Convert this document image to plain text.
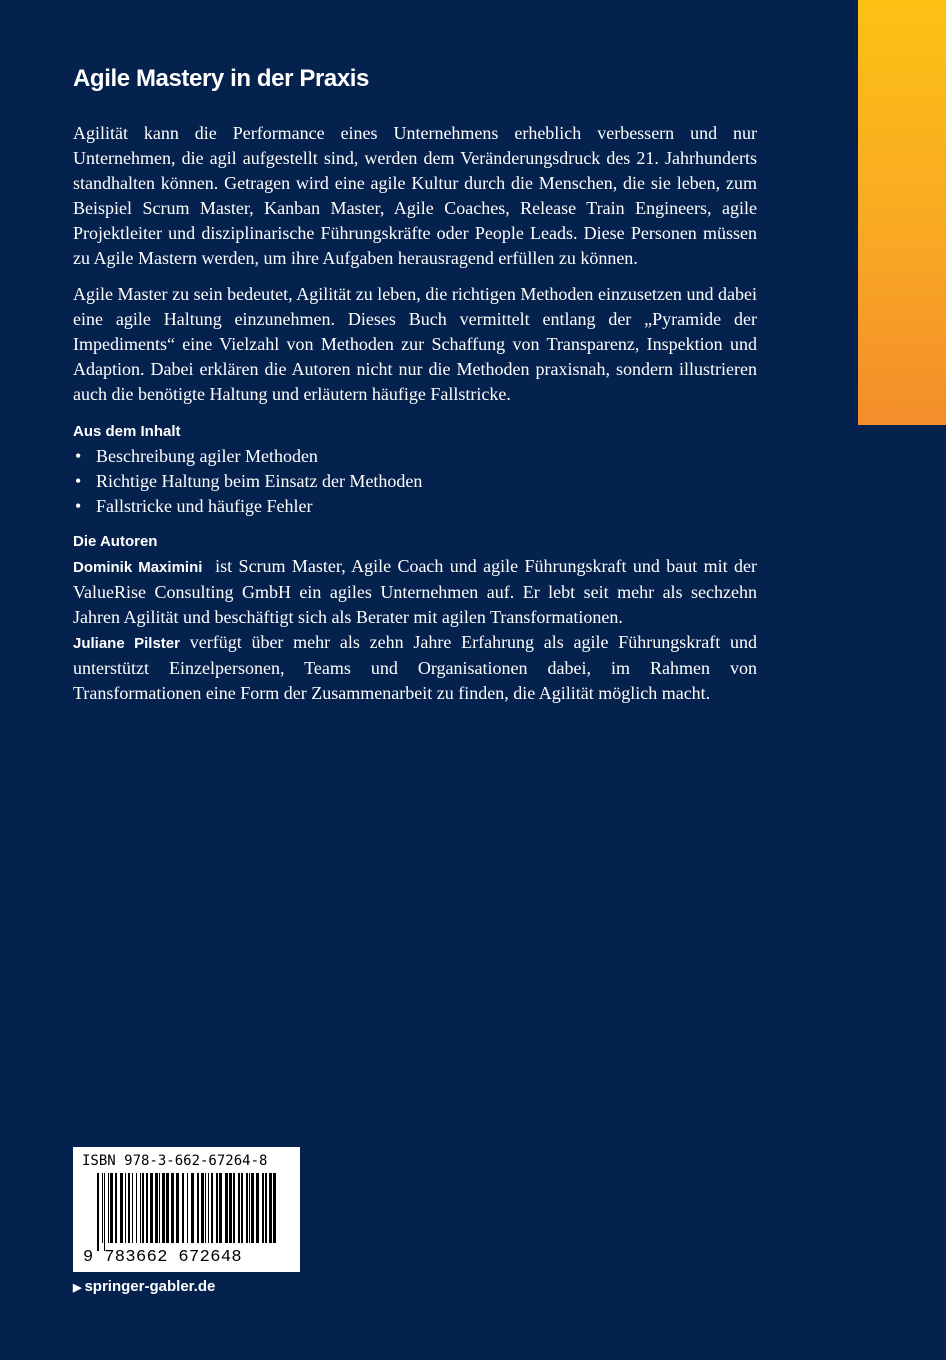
Agile Mastery in der Praxis

Agilität kann die Performance eines Unternehmens erheblich verbessern und nur Unternehmen, die agil aufgestellt sind, werden dem Veränderungsdruck des 21. Jahrhunderts standhalten können. Getragen wird eine agile Kultur durch die Menschen, die sie leben, zum Beispiel Scrum Master, Kanban Master, Agile Coaches, Release Train Engineers, agile Projektleiter und disziplinarische Führungskräfte oder People Leads. Diese Personen müssen zu Agile Mastern werden, um ihre Aufgaben herausragend erfüllen zu können.

Agile Master zu sein bedeutet, Agilität zu leben, die richtigen Methoden einzusetzen und dabei eine agile Haltung einzunehmen. Dieses Buch vermittelt entlang der „Pyramide der Impediments“ eine Vielzahl von Methoden zur Schaffung von Transparenz, Inspektion und Adaption. Dabei erklären die Autoren nicht nur die Methoden praxisnah, sondern illustrieren auch die benötigte Haltung und erläutern häufige Fallstricke.

Aus dem Inhalt
• Beschreibung agiler Methoden
• Richtige Haltung beim Einsatz der Methoden
• Fallstricke und häufige Fehler
Die Autoren

Dominik Maximini ist Scrum Master, Agile Coach und agile Führungskraft und baut mit der ValueRise Consulting GmbH ein agiles Unternehmen auf. Er lebt seit mehr als sechzehn Jahren Agilität und beschäftigt sich als Berater mit agilen Transformationen.

Juliane Pilster verfügt über mehr als zehn Jahre Erfahrung als agile Führungskraft und unterstützt Einzelpersonen, Teams und Organisationen dabei, im Rahmen von Transformationen eine Form der Zusammenarbeit zu finden, die Agilität möglich macht.

ISBN 978-3-662-67264-8
9 783662 672648
▶ springer-gabler.de
